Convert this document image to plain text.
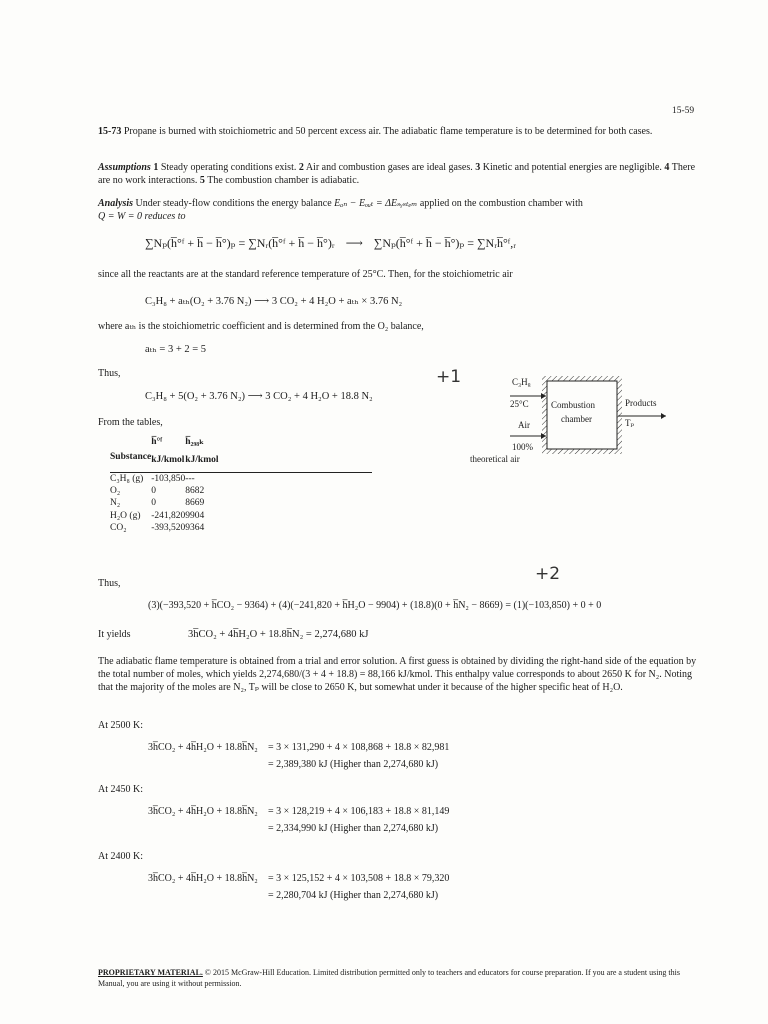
15-59

15-73 Propane is burned with stoichiometric and 50 percent excess air. The adiabatic flame temperature is to be determined for both cases.

Assumptions 1 Steady operating conditions exist. 2 Air and combustion gases are ideal gases. 3 Kinetic and potential energies are negligible. 4 There are no work interactions. 5 The combustion chamber is adiabatic.

Analysis Under steady-flow conditions the energy balance Eₐₙ − Eₒᵤₜ = ΔEₛᵧₛₜₑₘ applied on the combustion chamber with
Q = W = 0 reduces to

∑Nₚ(h̅°ᶠ + h̅ − h̅°)ₚ = ∑Nᵣ(h̅°ᶠ + h̅ − h̅°)ᵣ ⟶ ∑Nₚ(h̅°ᶠ + h̅ − h̅°)ₚ = ∑Nᵣh̅°ᶠ,ᵣ

since all the reactants are at the standard reference temperature of 25°C. Then, for the stoichiometric air

C₃H₈ + aₜₕ(O₂ + 3.76 N₂) ⟶ 3 CO₂ + 4 H₂O + aₜₕ × 3.76 N₂

where aₜₕ is the stoichiometric coefficient and is determined from the O₂ balance,

aₜₕ = 3 + 2 = 5
Thus,
C₃H₈ + 5(O₂ + 3.76 N₂) ⟶ 3 CO₂ + 4 H₂O + 18.8 N₂
From the tables,
+1
+2
C₃H₈
25°C Combustion
chamber
Products
Tₚ
Air
100%
theoretical air
	h̅°ᶠ	h̅₂₉₈ₖ
Substance	kJ/kmol	kJ/kmol

C₃H₈ (g)	-103,850	---
O₂	0	8682
N₂	0	8669
H₂O (g)	-241,820	9904
CO₂	-393,520	9364
Thus,
(3)(−393,520 + h̅CO₂ − 9364) + (4)(−241,820 + h̅H₂O − 9904) + (18.8)(0 + h̅N₂ − 8669) = (1)(−103,850) + 0 + 0
It yields	3h̅CO₂ + 4h̅H₂O + 18.8h̅N₂ = 2,274,680 kJ

The adiabatic flame temperature is obtained from a trial and error solution. A first guess is obtained by dividing the right-hand side of the equation by the total number of moles, which yields 2,274,680/(3 + 4 + 18.8) = 88,166 kJ/kmol. This enthalpy value corresponds to about 2650 K for N₂. Noting that the majority of the moles are N₂, Tₚ will be close to 2650 K, but somewhat under it because of the higher specific heat of H₂O.

At 2500 K:
3h̅CO₂ + 4h̅H₂O + 18.8h̅N₂ = 3 × 131,290 + 4 × 108,868 + 18.8 × 82,981
= 2,389,380 kJ (Higher than 2,274,680 kJ)
At 2450 K:
3h̅CO₂ + 4h̅H₂O + 18.8h̅N₂ = 3 × 128,219 + 4 × 106,183 + 18.8 × 81,149
= 2,334,990 kJ (Higher than 2,274,680 kJ)
At 2400 K:
3h̅CO₂ + 4h̅H₂O + 18.8h̅N₂ = 3 × 125,152 + 4 × 103,508 + 18.8 × 79,320
= 2,280,704 kJ (Higher than 2,274,680 kJ)

PROPRIETARY MATERIAL. © 2015 McGraw-Hill Education. Limited distribution permitted only to teachers and educators for course preparation. If you are a student using this Manual, you are using it without permission.
